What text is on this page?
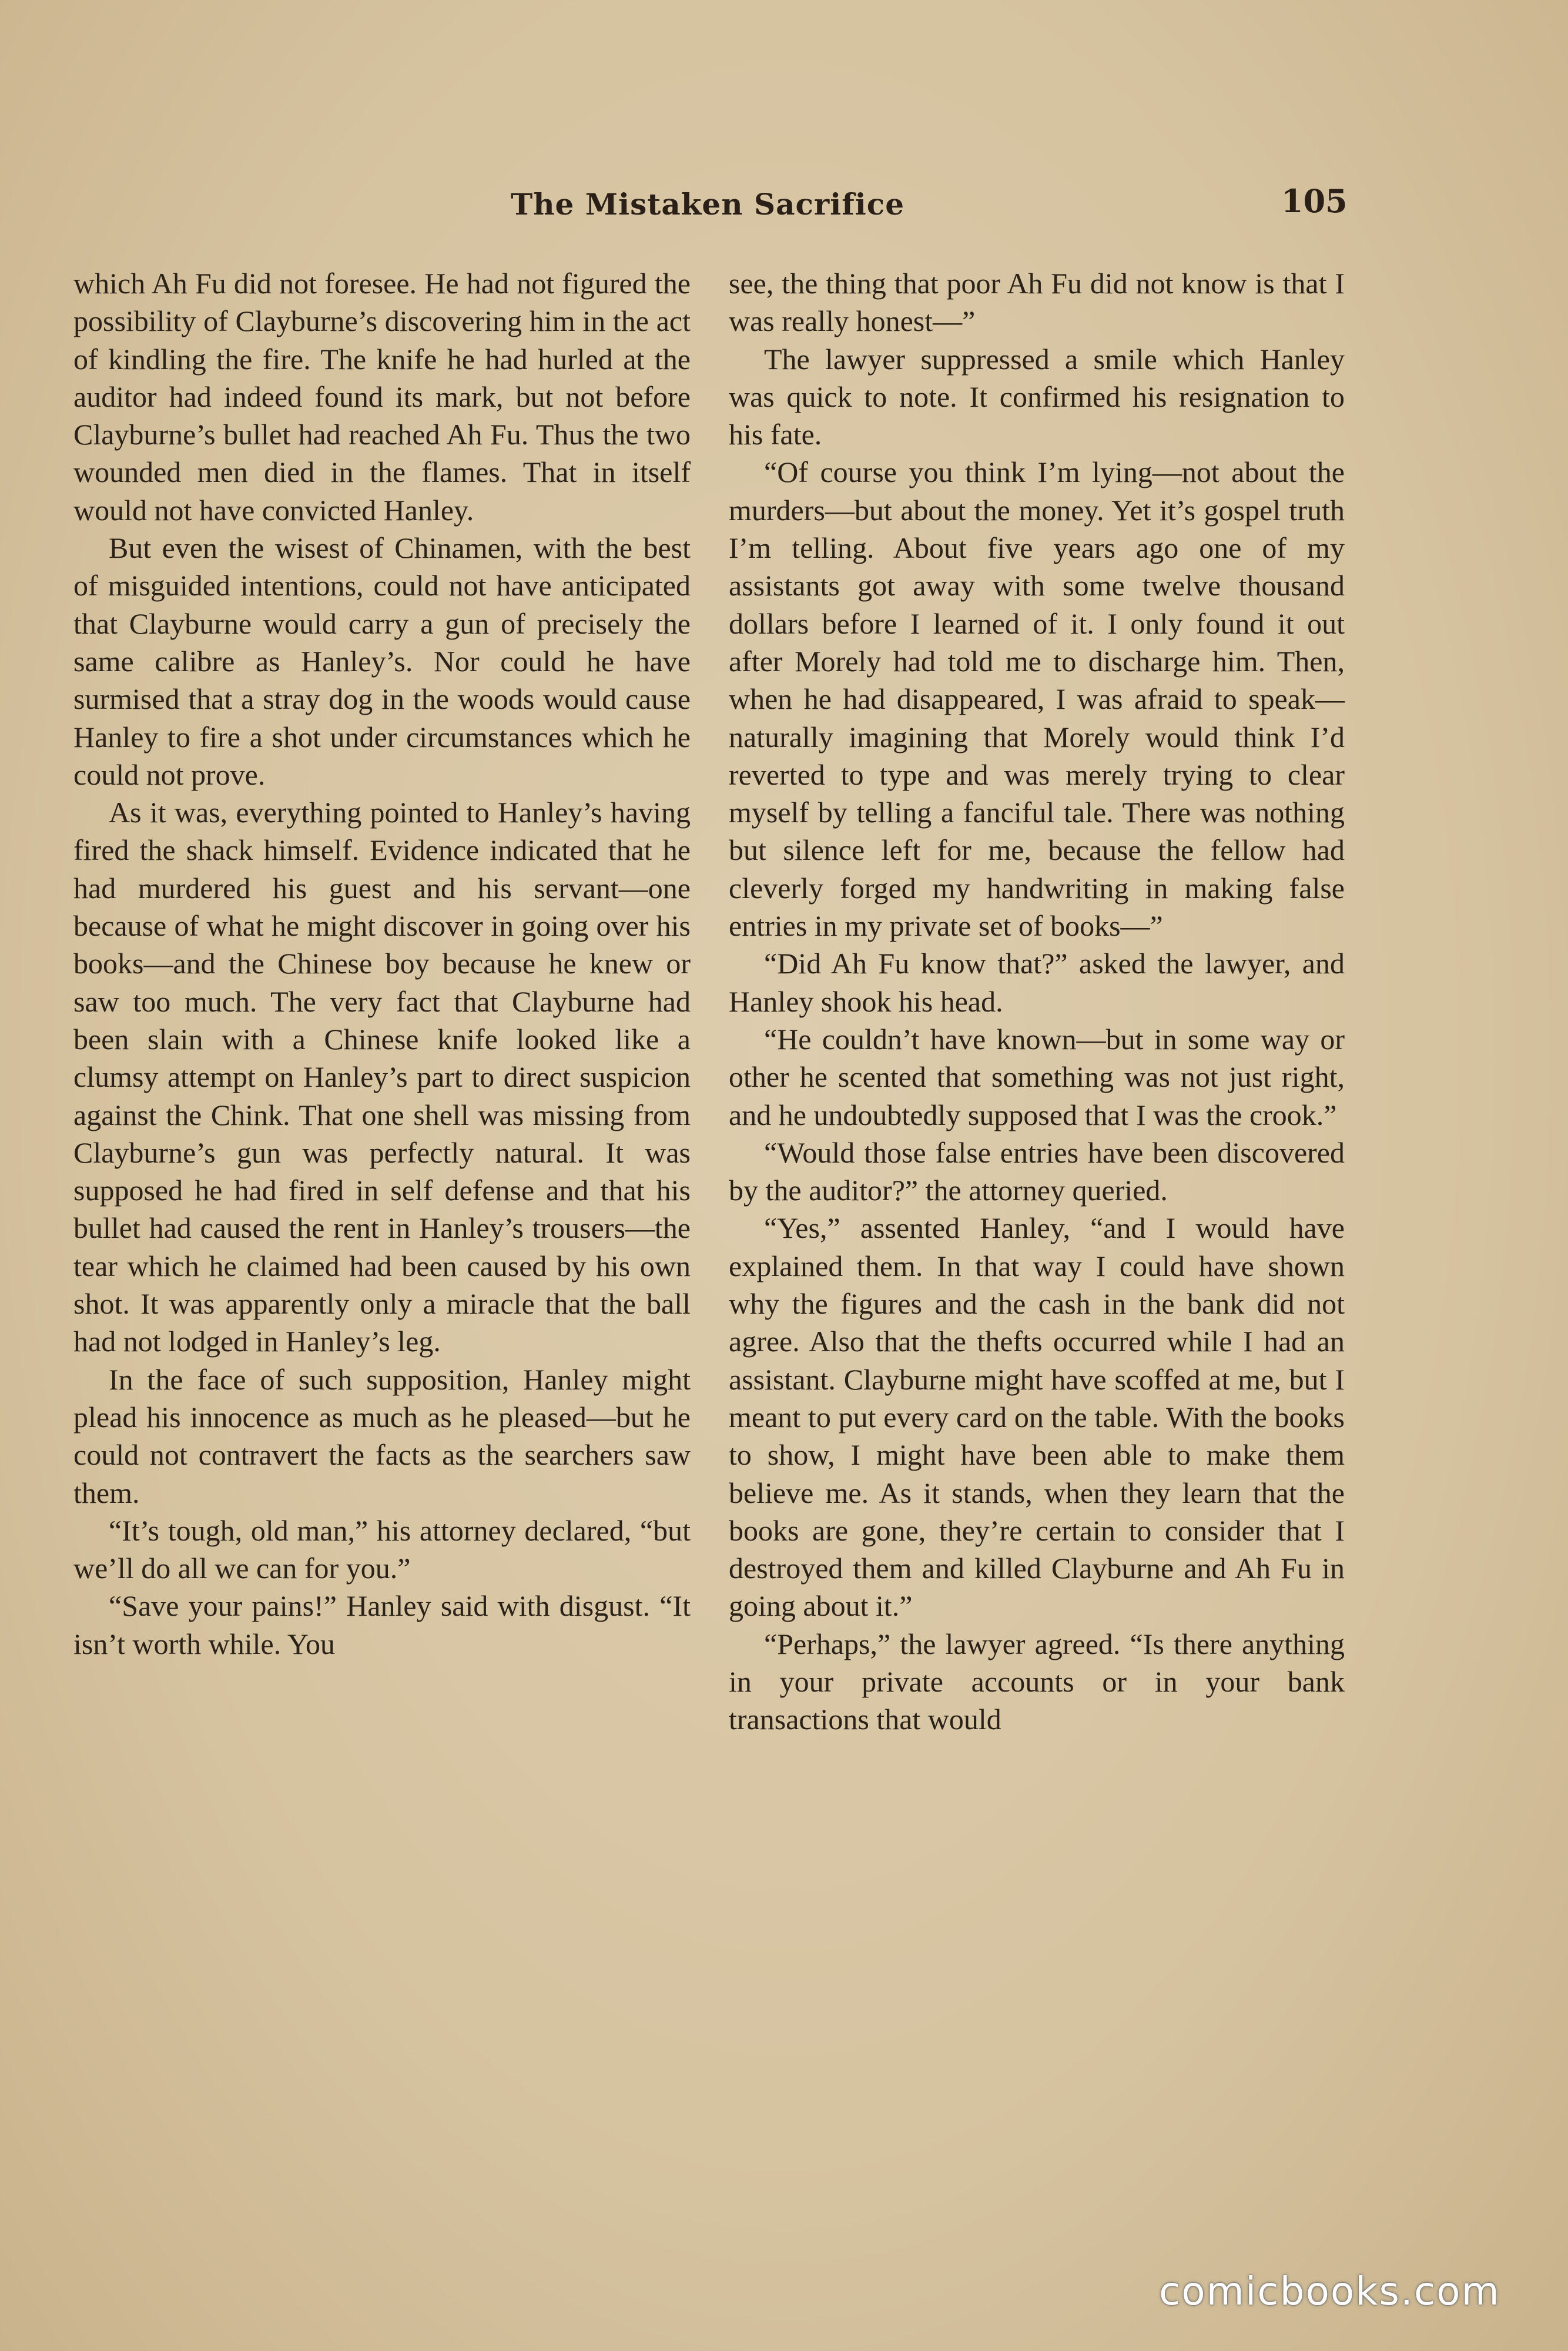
The Mistaken Sacrifice	105

which Ah Fu did not foresee. He had not figured the possibility of Clayburne’s discovering him in the act of kindling the fire. The knife he had hurled at the auditor had indeed found its mark, but not before Clayburne’s bullet had reached Ah Fu. Thus the two wounded men died in the flames. That in itself would not have convicted Hanley.

But even the wisest of Chinamen, with the best of misguided intentions, could not have anticipated that Clayburne would carry a gun of precisely the same calibre as Hanley’s. Nor could he have surmised that a stray dog in the woods would cause Hanley to fire a shot under circumstances which he could not prove.

As it was, everything pointed to Hanley’s having fired the shack himself. Evidence indicated that he had murdered his guest and his servant—one because of what he might discover in going over his books—and the Chinese boy because he knew or saw too much. The very fact that Clayburne had been slain with a Chinese knife looked like a clumsy attempt on Hanley’s part to direct suspicion against the Chink. That one shell was missing from Clayburne’s gun was perfectly natural. It was supposed he had fired in self defense and that his bullet had caused the rent in Hanley’s trousers—the tear which he claimed had been caused by his own shot. It was apparently only a miracle that the ball had not lodged in Hanley’s leg.

In the face of such supposition, Hanley might plead his innocence as much as he pleased—but he could not contravert the facts as the searchers saw them.

“It’s tough, old man,” his attorney declared, “but we’ll do all we can for you.”

“Save your pains!” Hanley said with disgust. “It isn’t worth while. You

see, the thing that poor Ah Fu did not know is that I was really honest—”

The lawyer suppressed a smile which Hanley was quick to note. It confirmed his resignation to his fate.

“Of course you think I’m lying—not about the murders—but about the money. Yet it’s gospel truth I’m telling. About five years ago one of my assistants got away with some twelve thousand dollars before I learned of it. I only found it out after Morely had told me to discharge him. Then, when he had disappeared, I was afraid to speak—naturally imagining that Morely would think I’d reverted to type and was merely trying to clear myself by telling a fanciful tale. There was nothing but silence left for me, because the fellow had cleverly forged my handwriting in making false entries in my private set of books—”

“Did Ah Fu know that?” asked the lawyer, and Hanley shook his head.

“He couldn’t have known—but in some way or other he scented that something was not just right, and he undoubtedly supposed that I was the crook.”

“Would those false entries have been discovered by the auditor?” the attorney queried.

“Yes,” assented Hanley, “and I would have explained them. In that way I could have shown why the figures and the cash in the bank did not agree. Also that the thefts occurred while I had an assistant. Clayburne might have scoffed at me, but I meant to put every card on the table. With the books to show, I might have been able to make them believe me. As it stands, when they learn that the books are gone, they’re certain to consider that I destroyed them and killed Clayburne and Ah Fu in going about it.”

“Perhaps,” the lawyer agreed. “Is there anything in your private accounts or in your bank transactions that would

comicbooks.com
